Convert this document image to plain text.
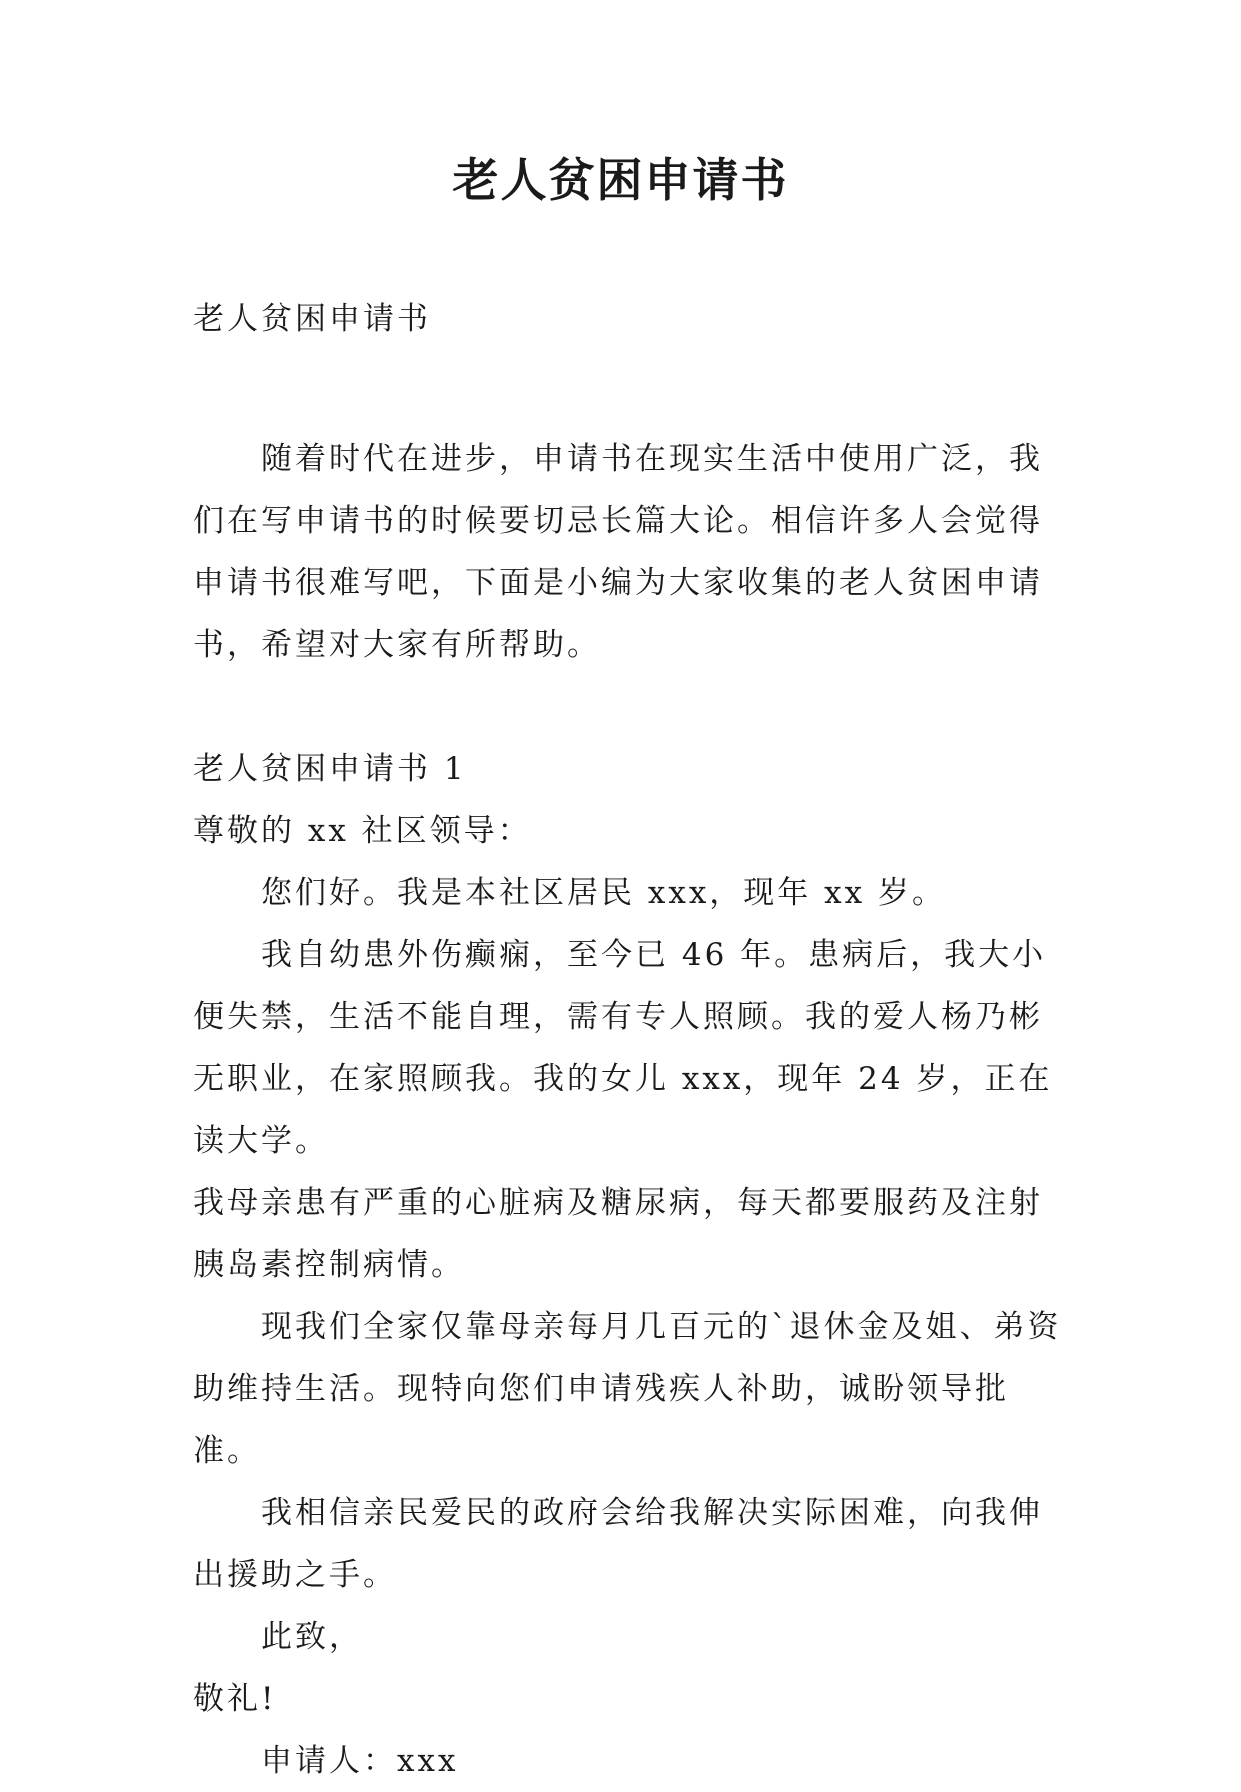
老人贫困申请书

老人贫困申请书

随着时代在进步，申请书在现实生活中使用广泛，我们在写申请书的时候要切忌长篇大论。相信许多人会觉得申请书很难写吧，下面是小编为大家收集的老人贫困申请书，希望对大家有所帮助。

老人贫困申请书 1

尊敬的 xx 社区领导：

您们好。我是本社区居民 xxx，现年 xx 岁。

我自幼患外伤癫痫，至今已 46 年。患病后，我大小便失禁，生活不能自理，需有专人照顾。我的爱人杨乃彬无职业，在家照顾我。我的女儿 xxx，现年 24 岁，正在读大学。

我母亲患有严重的心脏病及糖尿病，每天都要服药及注射胰岛素控制病情。

现我们全家仅靠母亲每月几百元的`退休金及姐、弟资助维持生活。现特向您们申请残疾人补助，诚盼领导批准。

我相信亲民爱民的政府会给我解决实际困难，向我伸出援助之手。

此致，

敬礼!

申请人：xxx
